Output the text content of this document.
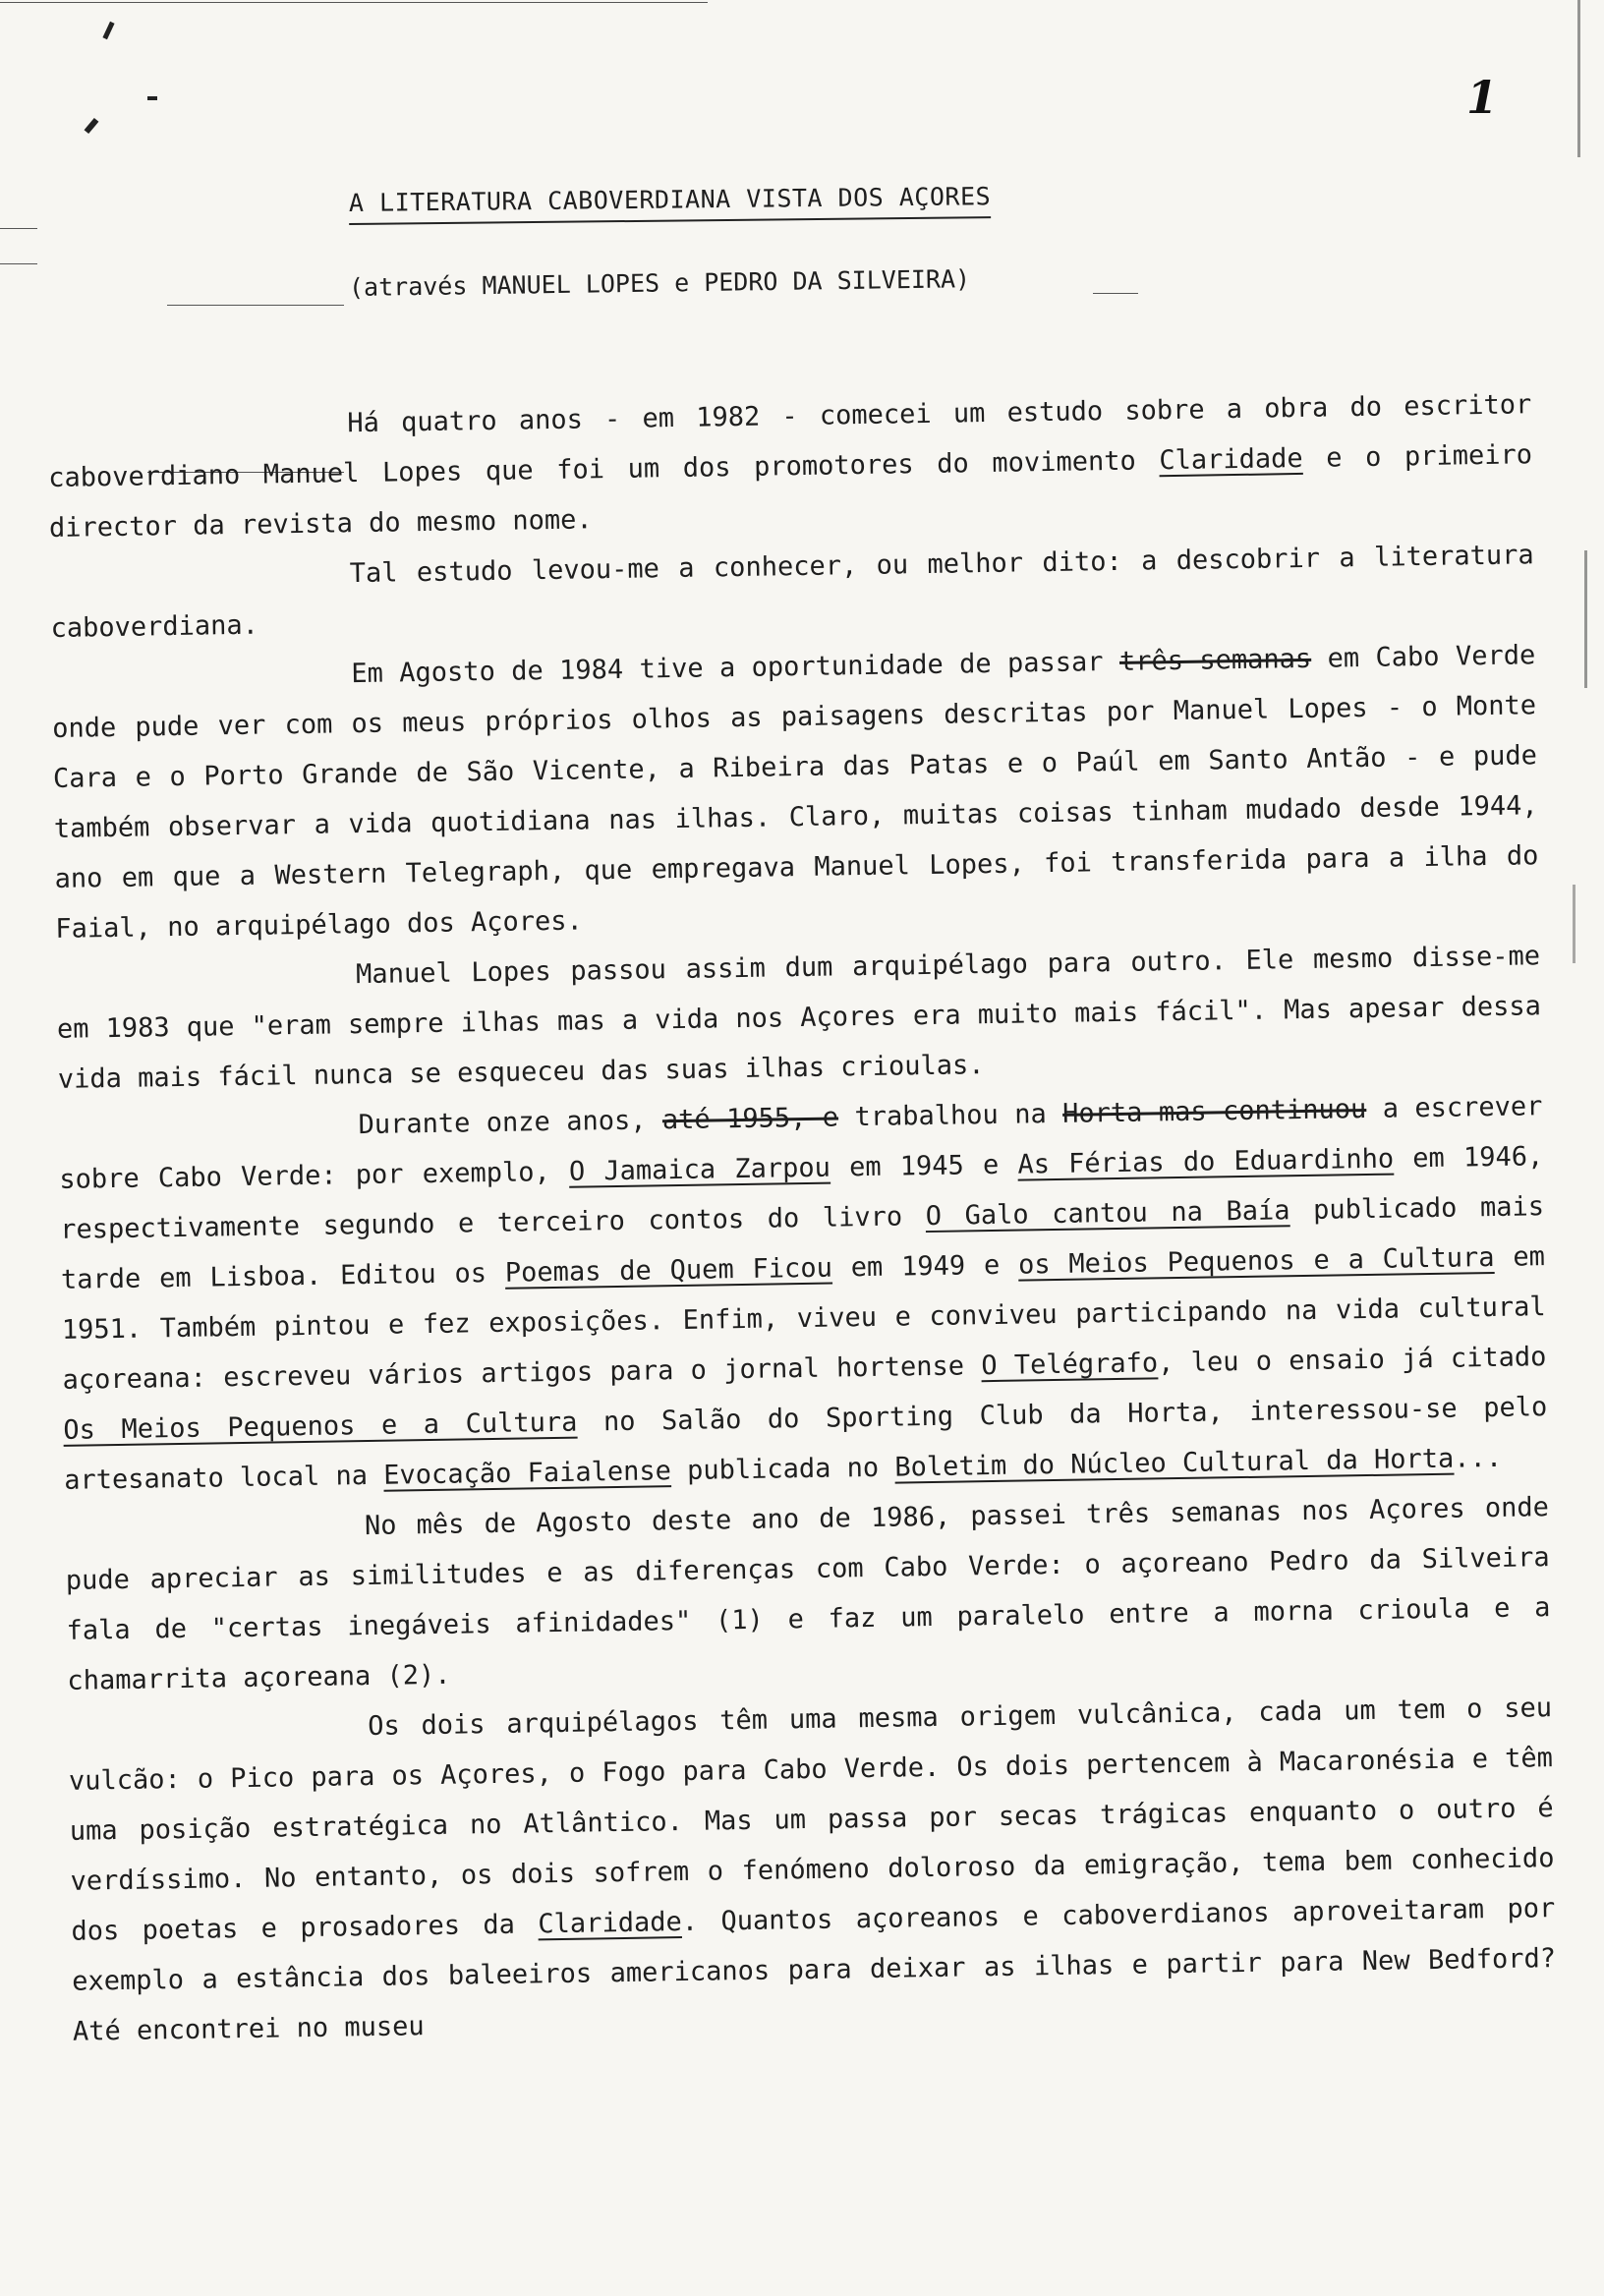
1
A LITERATURA CABOVERDIANA VISTA DOS AÇORES
(através MANUEL LOPES e PEDRO DA SILVEIRA)

Há quatro anos - em 1982 - comecei um estudo sobre a obra do escritor caboverdiano Manuel Lopes que foi um dos promotores do movimento Claridade e o primeiro director da revista do mesmo nome.

Tal estudo levou-me a conhecer, ou melhor dito: a descobrir a literatura caboverdiana.

Em Agosto de 1984 tive a oportunidade de passar três semanas em Cabo Verde onde pude ver com os meus próprios olhos as paisagens descritas por Manuel Lopes - o Monte Cara e o Porto Grande de São Vicente, a Ribeira das Patas e o Paúl em Santo Antão - e pude também observar a vida quotidiana nas ilhas. Claro, muitas coisas tinham mudado desde 1944, ano em que a Western Telegraph, que empregava Manuel Lopes, foi transferida para a ilha do Faial, no arquipélago dos Açores.

Manuel Lopes passou assim dum arquipélago para outro. Ele mesmo disse-me em 1983 que "eram sempre ilhas mas a vida nos Açores era muito mais fácil". Mas apesar dessa vida mais fácil nunca se esqueceu das suas ilhas crioulas.

Durante onze anos, até 1955, e trabalhou na Horta mas continuou a escrever sobre Cabo Verde: por exemplo, O Jamaica Zarpou em 1945 e As Férias do Eduardinho em 1946, respectivamente segundo e terceiro contos do livro O Galo cantou na Baía publicado mais tarde em Lisboa. Editou os Poemas de Quem Ficou em 1949 e os Meios Pequenos e a Cultura em 1951. Também pintou e fez exposições. Enfim, viveu e conviveu participando na vida cultural açoreana: escreveu vários artigos para o jornal hortense O Telégrafo, leu o ensaio já citado Os Meios Pequenos e a Cultura no Salão do Sporting Club da Horta, interessou-se pelo artesanato local na Evocação Faialense publicada no Boletim do Núcleo Cultural da Horta...

No mês de Agosto deste ano de 1986, passei três semanas nos Açores onde pude apreciar as similitudes e as diferenças com Cabo Verde: o açoreano Pedro da Silveira fala de "certas inegáveis afinidades" (1) e faz um paralelo entre a morna crioula e a chamarrita açoreana (2).

Os dois arquipélagos têm uma mesma origem vulcânica, cada um tem o seu vulcão: o Pico para os Açores, o Fogo para Cabo Verde. Os dois pertencem à Macaronésia e têm uma posição estratégica no Atlântico. Mas um passa por secas trágicas enquanto o outro é verdíssimo. No entanto, os dois sofrem o fenómeno doloroso da emigração, tema bem conhecido dos poetas e prosadores da Claridade. Quantos açoreanos e caboverdianos aproveitaram por exemplo a estância dos baleeiros americanos para deixar as ilhas e partir para New Bedford? Até encontrei no museu
